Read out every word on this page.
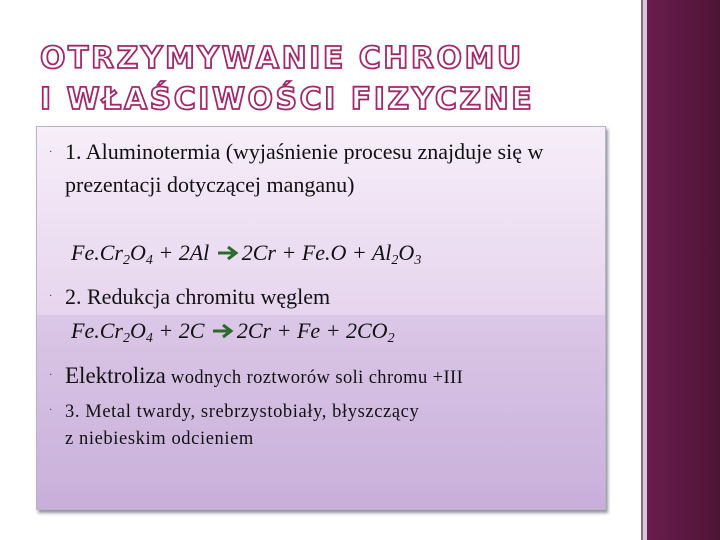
OTRZYMYWANIE CHROMU
I WŁAŚCIWOŚCI FIZYCZNE
· 1. Aluminotermia (wyjaśnienie procesu znajduje się w prezentacji dotyczącej manganu)
$Fe.Cr_2O_4 + 2Al \to 2Cr + Fe.O + Al_2O_3$
· 2. Redukcja chromitu węglem
$Fe.Cr_2O_4 + 2C \to 2Cr + Fe + 2CO_2$
· Elektroliza wodnych roztworów soli chromu +III
· 3. Metal twardy, srebrzystobiały, błyszczący
z niebieskim odcieniem
